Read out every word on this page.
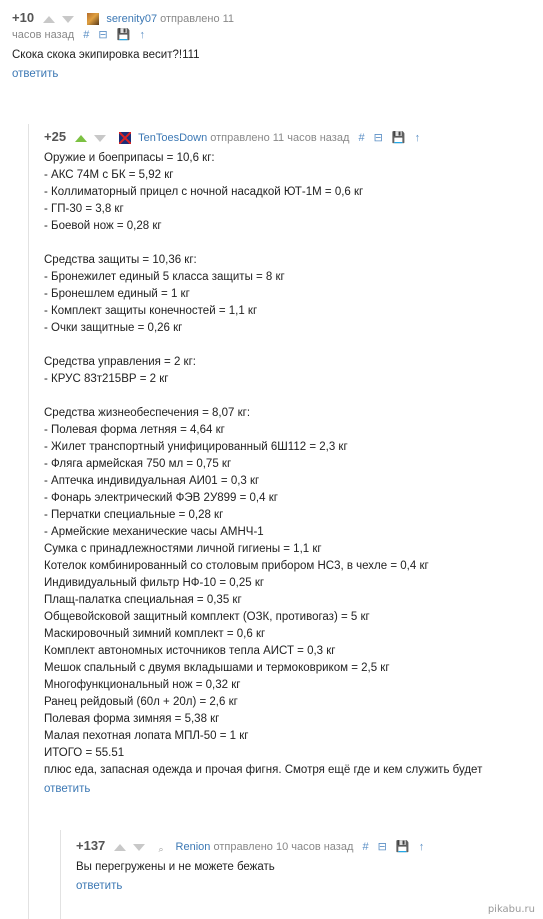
+10	serenity07 отправлено 11
часов назад # ⊟ 💾 ↑
Скока скока экипировка весит?!111
ответить
+25	TenToesDown отправлено 11 часов назад # ⊟ 💾 ↑
Оружие и боеприпасы = 10,6 кг:
- АКС 74М с БК = 5,92 кг
- Коллиматорный прицел с ночной насадкой ЮТ-1М = 0,6 кг
- ГП-30 = 3,8 кг
- Боевой нож = 0,28 кг

Средства защиты = 10,36 кг:
- Бронежилет единый 5 класса защиты = 8 кг
- Бронешлем единый = 1 кг
- Комплект защиты конечностей = 1,1 кг
- Очки защитные = 0,26 кг

Средства управления = 2 кг:
- КРУС 83т215ВР = 2 кг

Средства жизнеобеспечения = 8,07 кг:
- Полевая форма летняя = 4,64 кг
- Жилет транспортный унифицированный 6Ш112 = 2,3 кг
- Фляга армейская 750 мл = 0,75 кг
- Аптечка индивидуальная АИ01 = 0,3 кг
- Фонарь электрический ФЭВ 2У899 = 0,4 кг
- Перчатки специальные = 0,28 кг
- Армейские механические часы АМНЧ-1
Сумка с принадлежностями личной гигиены = 1,1 кг
Котелок комбинированный со столовым прибором НС3, в чехле = 0,4 кг
Индивидуальный фильтр НФ-10 = 0,25 кг
Плащ-палатка специальная = 0,35 кг
Общевойсковой защитный комплект (ОЗК, противогаз) = 5 кг
Маскировочный зимний комплект = 0,6 кг
Комплект автономных источников тепла АИСТ = 0,3 кг
Мешок спальный с двумя вкладышами и термоковриком = 2,5 кг
Многофункциональный нож = 0,32 кг
Ранец рейдовый (60л + 20л) = 2,6 кг
Полевая форма зимняя = 5,38 кг
Малая пехотная лопата МПЛ-50 = 1 кг
ИТОГО = 55.51
плюс еда, запасная одежда и прочая фигня. Смотря ещё где и кем служить будет
ответить
+137	⌕ Renion отправлено 10 часов назад # ⊟ 💾 ↑
Вы перегружены и не можете бежать
ответить
pikabu.ru
